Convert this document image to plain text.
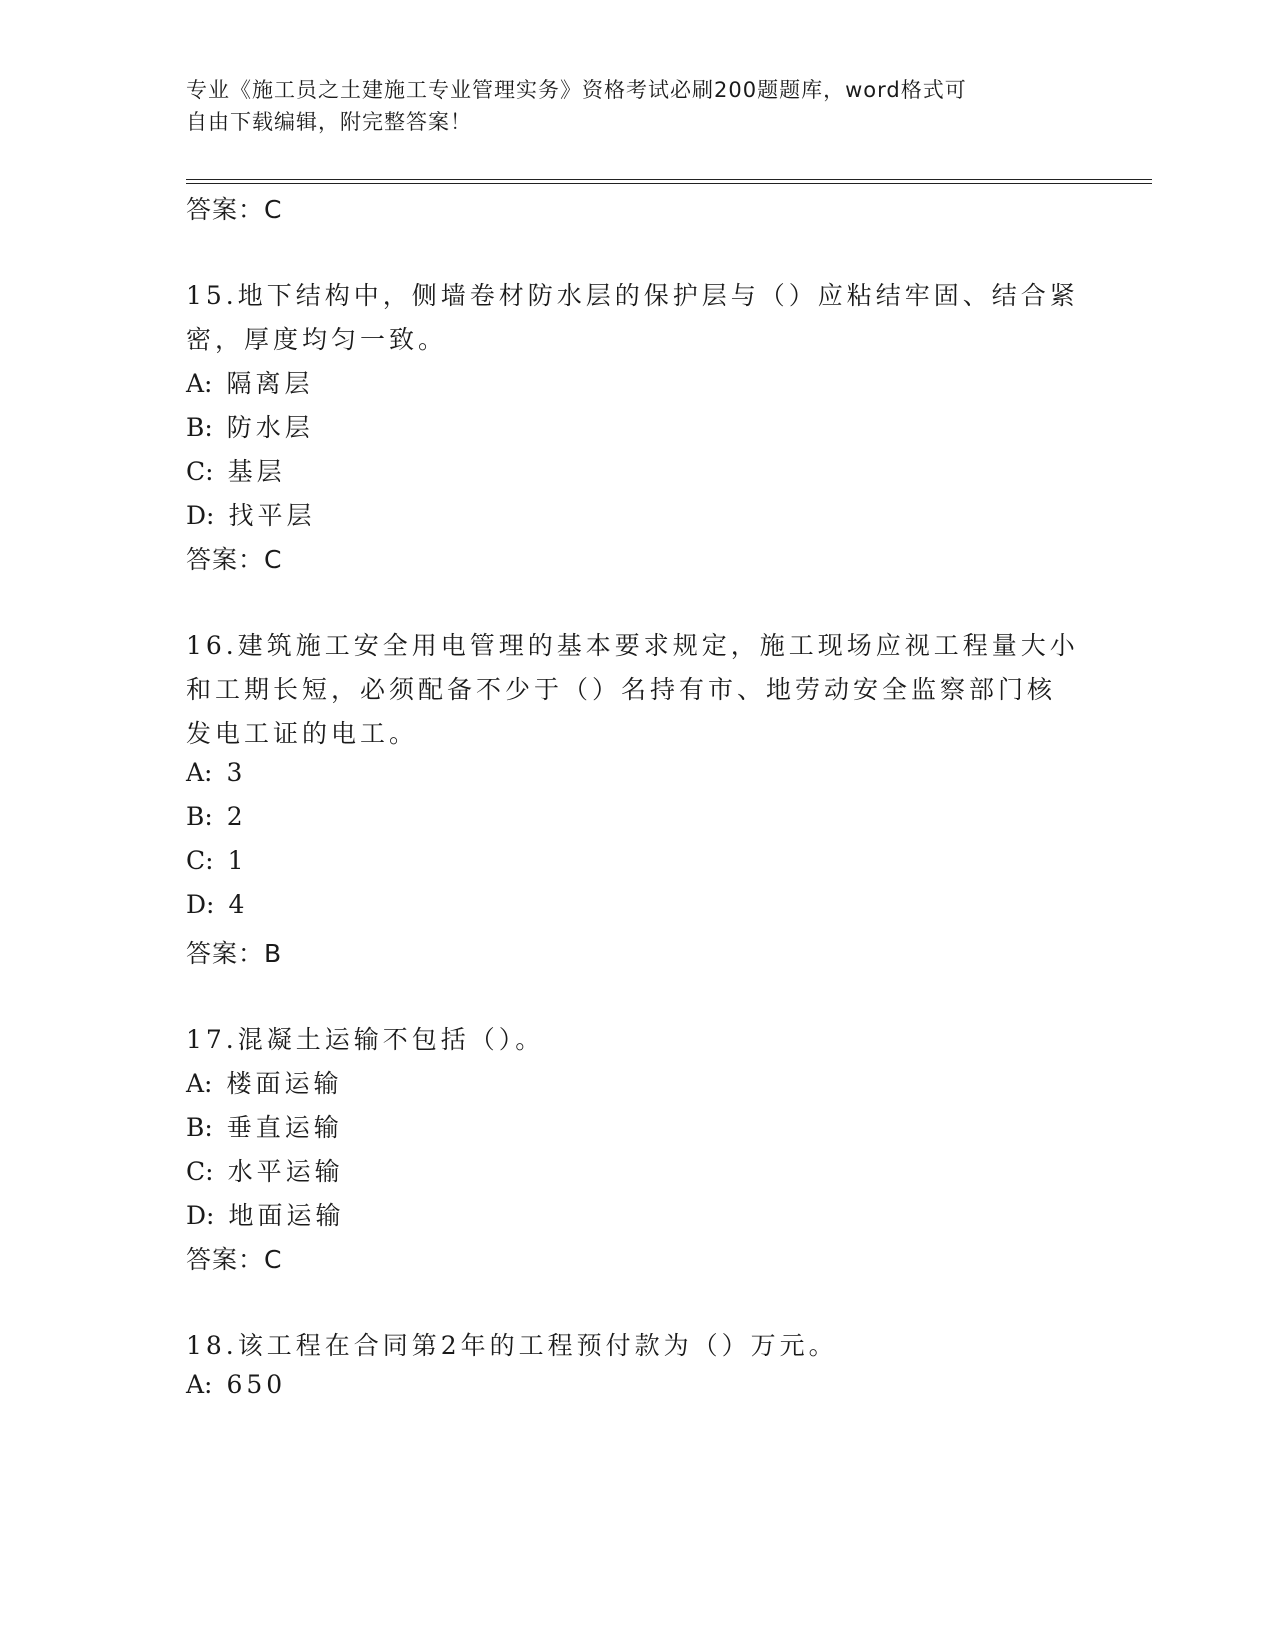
专业《施工员之土建施工专业管理实务》资格考试必刷200题题库，word格式可
自由下载编辑，附完整答案！
答案：C
15.地下结构中，侧墙卷材防水层的保护层与（）应粘结牢固、结合紧
密，厚度均匀一致。
A: 隔离层
B: 防水层
C: 基层
D: 找平层
答案：C
16.建筑施工安全用电管理的基本要求规定，施工现场应视工程量大小
和工期长短，必须配备不少于（）名持有市、地劳动安全监察部门核
发电工证的电工。
A: 3
B: 2
C: 1
D: 4
答案：B
17.混凝土运输不包括（）。
A: 楼面运输
B: 垂直运输
C: 水平运输
D: 地面运输
答案：C
18.该工程在合同第2年的工程预付款为（）万元。
A: 650
